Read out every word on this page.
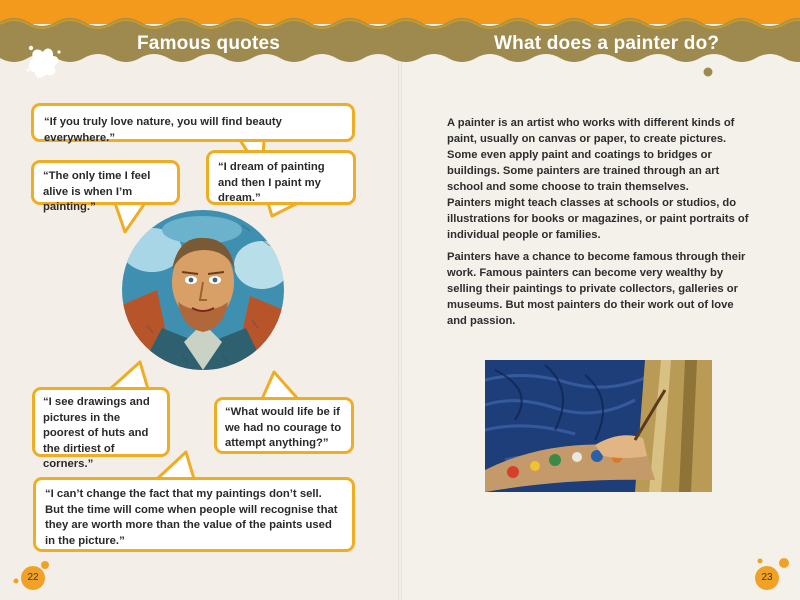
Famous quotes	What does a painter do?
“If you truly love nature, you will find beauty everywhere.”
“The only time I feel alive is when I’m painting.”
“I dream of painting and then I paint my dream.”
“I see drawings and pictures in the poorest of huts and the dirtiest of corners.”
“What would life be if we had no courage to attempt anything?”
“I can’t change the fact that my paintings don’t sell. But the time will come when people will recognise that they are worth more than the value of the paints used in the picture.”

A painter is an artist who works with different kinds of paint, usually on canvas or paper, to create pictures. Some even apply paint and coatings to bridges or buildings. Some painters are trained through an art school and some choose to train themselves.

Painters might teach classes at schools or studios, do illustrations for books or magazines, or paint portraits of individual people or families.

Painters have a chance to become famous through their work. Famous painters can become very wealthy by selling their paintings to private collectors, galleries or museums. But most painters do their work out of love and passion.

22	23
